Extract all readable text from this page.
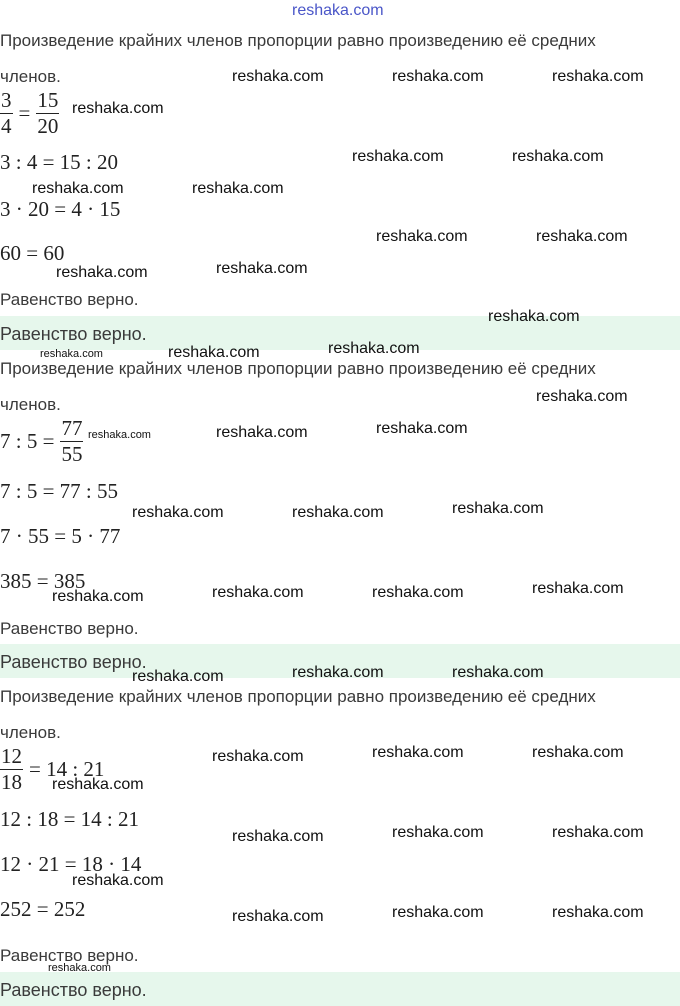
reshaka.com
Произведение крайних членов пропорции равно произведению её средних
членов.
$\frac{3}{4} = \frac{15}{20}$
3 : 4 = 15 : 20
3 · 20 = 4 · 15
60 = 60
Равенство верно.
Равенство верно.
Произведение крайних членов пропорции равно произведению её средних
членов.
7 : $5 = \frac{77}{55}$
7 : 5 = 77 : 55
7 · 55 = 5 · 77
385 = 385
Равенство верно.
Равенство верно.
Произведение крайних членов пропорции равно произведению её средних
членов.
$\frac{12}{18} = 14$ : 21
12 : 18 = 14 : 21
12 · 21 = 18 · 14
252 = 252
Равенство верно.
Равенство верно.
reshaka.com	reshaka.com	reshaka.com
reshaka.com
reshaka.com	reshaka.com
reshaka.com	reshaka.com
reshaka.com	reshaka.com
reshaka.com	reshaka.com
reshaka.com
reshaka.com	reshaka.com	reshaka.com
reshaka.com
reshaka.com	reshaka.com	reshaka.com
reshaka.com	reshaka.com	reshaka.com
reshaka.com	reshaka.com	reshaka.com	reshaka.com
reshaka.com	reshaka.com	reshaka.com
reshaka.com	reshaka.com	reshaka.com
reshaka.com
reshaka.com	reshaka.com	reshaka.com
reshaka.com
reshaka.com	reshaka.com	reshaka.com
reshaka.com
